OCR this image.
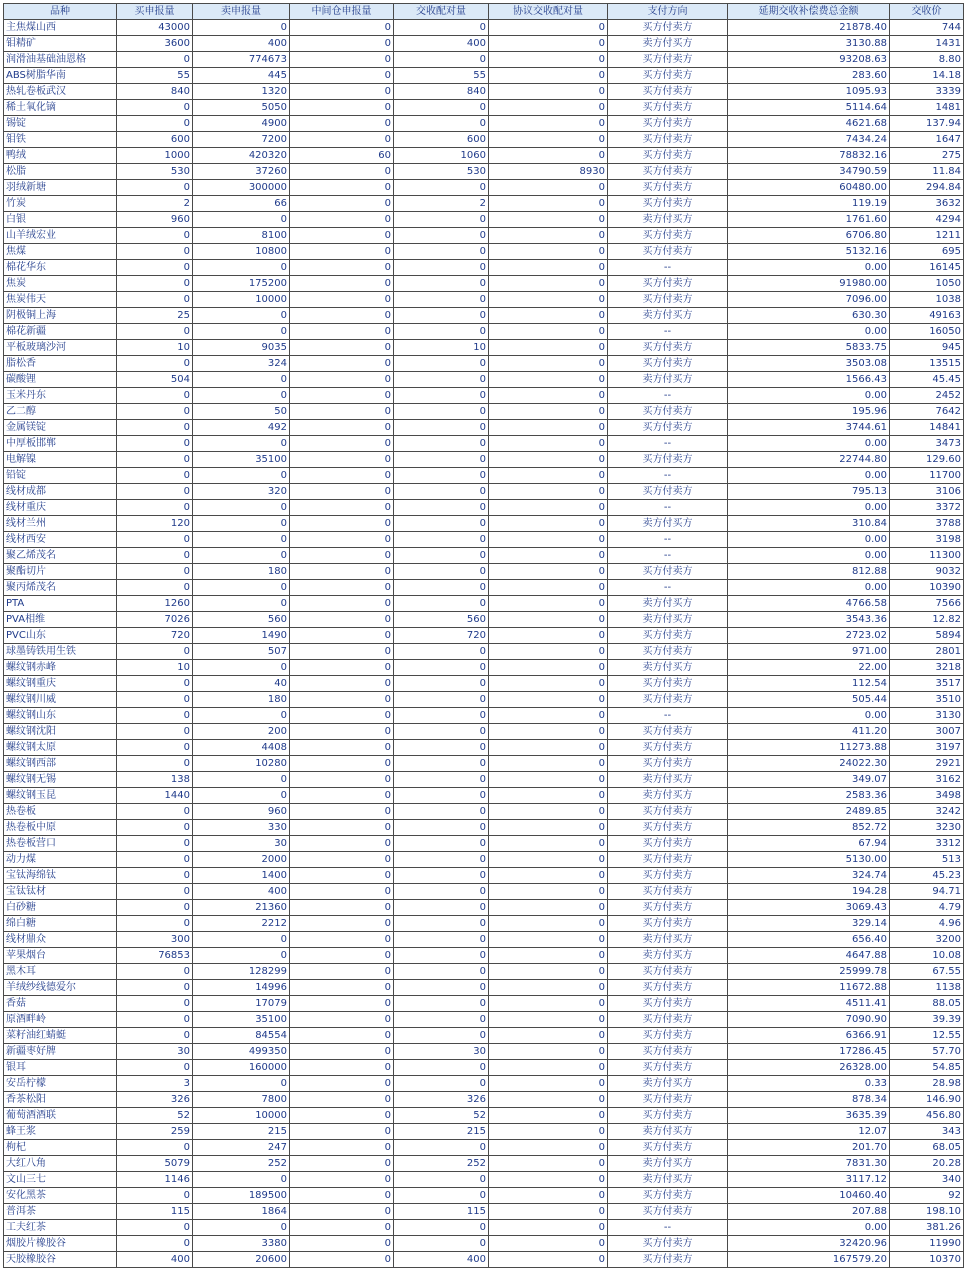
品种	买申报量	卖申报量	中间仓申报量	交收配对量	协议交收配对量	支付方向	延期交收补偿费总金额	交收价
主焦煤山西	43000	0	0	0	0	买方付卖方	21878.40	744
钼精矿	3600	400	0	400	0	卖方付买方	3130.88	1431
润滑油基础油恩格	0	774673	0	0	0	买方付卖方	93208.63	8.80
ABS树脂华南	55	445	0	55	0	买方付卖方	283.60	14.18
热轧卷板武汉	840	1320	0	840	0	买方付卖方	1095.93	3339
稀土氧化镝	0	5050	0	0	0	买方付卖方	5114.64	1481
锡锭	0	4900	0	0	0	买方付卖方	4621.68	137.94
钼铁	600	7200	0	600	0	买方付卖方	7434.24	1647
鸭绒	1000	420320	60	1060	0	买方付卖方	78832.16	275
松脂	530	37260	0	530	8930	买方付卖方	34790.59	11.84
羽绒新塘	0	300000	0	0	0	买方付卖方	60480.00	294.84
竹炭	2	66	0	2	0	买方付卖方	119.19	3632
白银	960	0	0	0	0	卖方付买方	1761.60	4294
山羊绒宏业	0	8100	0	0	0	买方付卖方	6706.80	1211
焦煤	0	10800	0	0	0	买方付卖方	5132.16	695
棉花华东	0	0	0	0	0	--	0.00	16145
焦炭	0	175200	0	0	0	买方付卖方	91980.00	1050
焦炭伟天	0	10000	0	0	0	买方付卖方	7096.00	1038
阴极铜上海	25	0	0	0	0	卖方付买方	630.30	49163
棉花新疆	0	0	0	0	0	--	0.00	16050
平板玻璃沙河	10	9035	0	10	0	买方付卖方	5833.75	945
脂松香	0	324	0	0	0	买方付卖方	3503.08	13515
碳酸锂	504	0	0	0	0	卖方付买方	1566.43	45.45
玉米丹东	0	0	0	0	0	--	0.00	2452
乙二醇	0	50	0	0	0	买方付卖方	195.96	7642
金属镁锭	0	492	0	0	0	买方付卖方	3744.61	14841
中厚板邯郸	0	0	0	0	0	--	0.00	3473
电解镍	0	35100	0	0	0	买方付卖方	22744.80	129.60
铅锭	0	0	0	0	0	--	0.00	11700
线材成都	0	320	0	0	0	买方付卖方	795.13	3106
线材重庆	0	0	0	0	0	--	0.00	3372
线材兰州	120	0	0	0	0	卖方付买方	310.84	3788
线材西安	0	0	0	0	0	--	0.00	3198
聚乙烯茂名	0	0	0	0	0	--	0.00	11300
聚酯切片	0	180	0	0	0	买方付卖方	812.88	9032
聚丙烯茂名	0	0	0	0	0	--	0.00	10390
PTA	1260	0	0	0	0	卖方付买方	4766.58	7566
PVA相维	7026	560	0	560	0	卖方付买方	3543.36	12.82
PVC山东	720	1490	0	720	0	买方付卖方	2723.02	5894
球墨铸铁用生铁	0	507	0	0	0	买方付卖方	971.00	2801
螺纹钢赤峰	10	0	0	0	0	卖方付买方	22.00	3218
螺纹钢重庆	0	40	0	0	0	买方付卖方	112.54	3517
螺纹钢川威	0	180	0	0	0	买方付卖方	505.44	3510
螺纹钢山东	0	0	0	0	0	--	0.00	3130
螺纹钢沈阳	0	200	0	0	0	买方付卖方	411.20	3007
螺纹钢太原	0	4408	0	0	0	买方付卖方	11273.88	3197
螺纹钢西部	0	10280	0	0	0	买方付卖方	24022.30	2921
螺纹钢无锡	138	0	0	0	0	卖方付买方	349.07	3162
螺纹钢玉昆	1440	0	0	0	0	卖方付买方	2583.36	3498
热卷板	0	960	0	0	0	买方付卖方	2489.85	3242
热卷板中原	0	330	0	0	0	买方付卖方	852.72	3230
热卷板营口	0	30	0	0	0	买方付卖方	67.94	3312
动力煤	0	2000	0	0	0	买方付卖方	5130.00	513
宝钛海绵钛	0	1400	0	0	0	买方付卖方	324.74	45.23
宝钛钛材	0	400	0	0	0	买方付卖方	194.28	94.71
白砂糖	0	21360	0	0	0	买方付卖方	3069.43	4.79
绵白糖	0	2212	0	0	0	买方付卖方	329.14	4.96
线材鼎众	300	0	0	0	0	卖方付买方	656.40	3200
苹果烟台	76853	0	0	0	0	卖方付买方	4647.88	10.08
黑木耳	0	128299	0	0	0	买方付卖方	25999.78	67.55
羊绒纱线德爱尔	0	14996	0	0	0	买方付卖方	11672.88	1138
香菇	0	17079	0	0	0	买方付卖方	4511.41	88.05
原酒畔岭	0	35100	0	0	0	买方付卖方	7090.90	39.39
菜籽油红蜻蜓	0	84554	0	0	0	买方付卖方	6366.91	12.55
新疆枣好牌	30	499350	0	30	0	买方付卖方	17286.45	57.70
银耳	0	160000	0	0	0	买方付卖方	26328.00	54.85
安岳柠檬	3	0	0	0	0	卖方付买方	0.33	28.98
香茶松阳	326	7800	0	326	0	买方付卖方	878.34	146.90
葡萄酒酒联	52	10000	0	52	0	买方付卖方	3635.39	456.80
蜂王浆	259	215	0	215	0	卖方付买方	12.07	343
枸杞	0	247	0	0	0	买方付卖方	201.70	68.05
大红八角	5079	252	0	252	0	卖方付买方	7831.30	20.28
文山三七	1146	0	0	0	0	卖方付买方	3117.12	340
安化黑茶	0	189500	0	0	0	买方付卖方	10460.40	92
普洱茶	115	1864	0	115	0	买方付卖方	207.88	198.10
工夫红茶	0	0	0	0	0	--	0.00	381.26
烟胶片橡胶谷	0	3380	0	0	0	买方付卖方	32420.96	11990
天胶橡胶谷	400	20600	0	400	0	买方付卖方	167579.20	10370
